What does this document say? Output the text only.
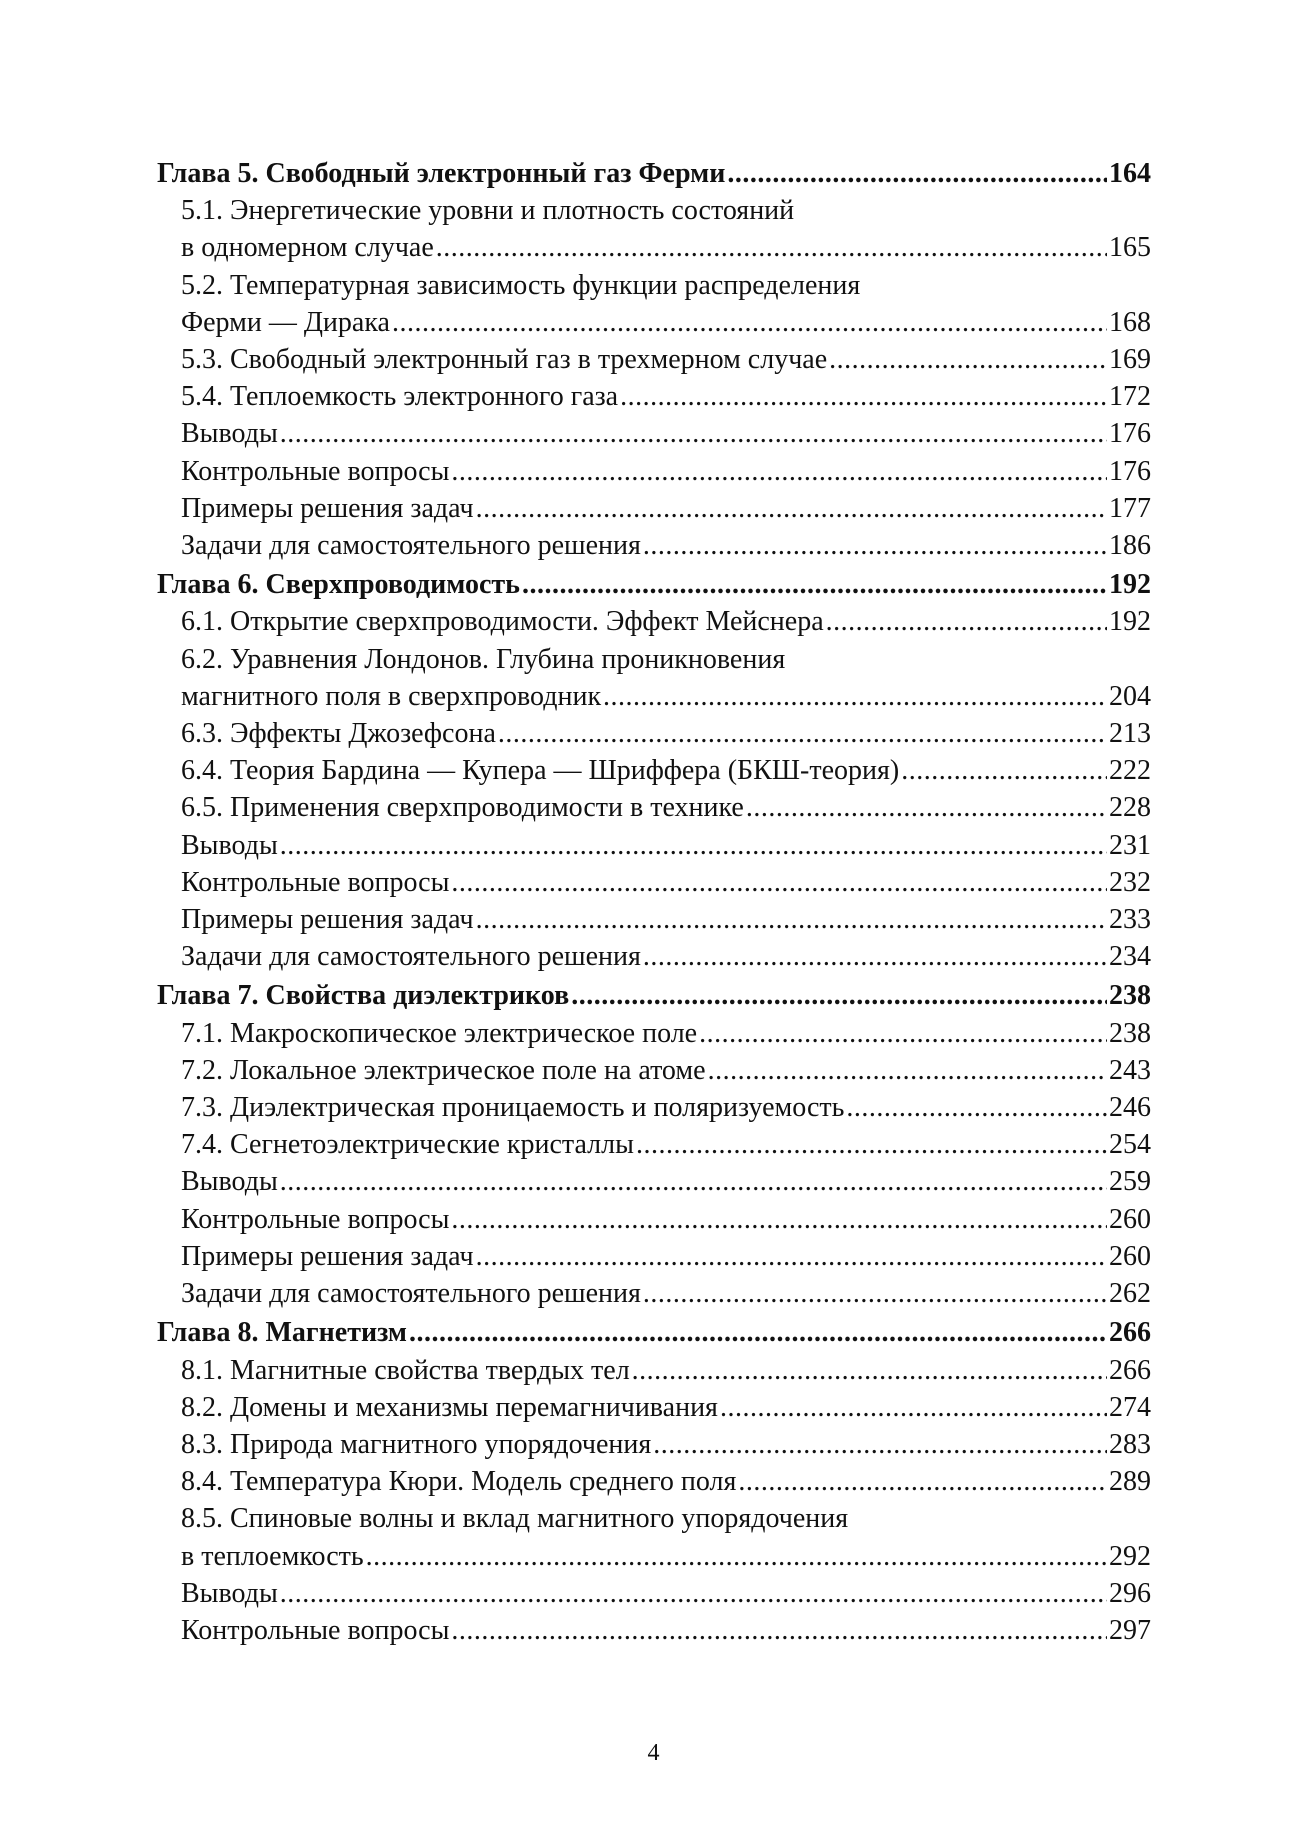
Глава 5. Свободный электронный газ Ферми .....	164
5.1. Энергетические уровни и плотность состояний
в одномерном случае .....	165
5.2. Температурная зависимость функции распределения
Ферми — Дирака .....	168
5.3. Свободный электронный газ в трехмерном случае .....	169
5.4. Теплоемкость электронного газа .....	172
Выводы .....	176
Контрольные вопросы .....	176
Примеры решения задач .....	177
Задачи для самостоятельного решения .....	186
Глава 6. Сверхпроводимость .....	192
6.1. Открытие сверхпроводимости. Эффект Мейснера .....	192
6.2. Уравнения Лондонов. Глубина проникновения
магнитного поля в сверхпроводник .....	204
6.3. Эффекты Джозефсона .....	213
6.4. Теория Бардина — Купера — Шриффера (БКШ-теория) .....	222
6.5. Применения сверхпроводимости в технике .....	228
Выводы .....	231
Контрольные вопросы .....	232
Примеры решения задач .....	233
Задачи для самостоятельного решения .....	234
Глава 7. Свойства диэлектриков .....	238
7.1. Макроскопическое электрическое поле .....	238
7.2. Локальное электрическое поле на атоме .....	243
7.3. Диэлектрическая проницаемость и поляризуемость .....	246
7.4. Сегнетоэлектрические кристаллы .....	254
Выводы .....	259
Контрольные вопросы .....	260
Примеры решения задач .....	260
Задачи для самостоятельного решения .....	262
Глава 8. Магнетизм .....	266
8.1. Магнитные свойства твердых тел .....	266
8.2. Домены и механизмы перемагничивания .....	274
8.3. Природа магнитного упорядочения .....	283
8.4. Температура Кюри. Модель среднего поля .....	289
8.5. Спиновые волны и вклад магнитного упорядочения
в теплоемкость .....	292
Выводы .....	296
Контрольные вопросы .....	297
4
